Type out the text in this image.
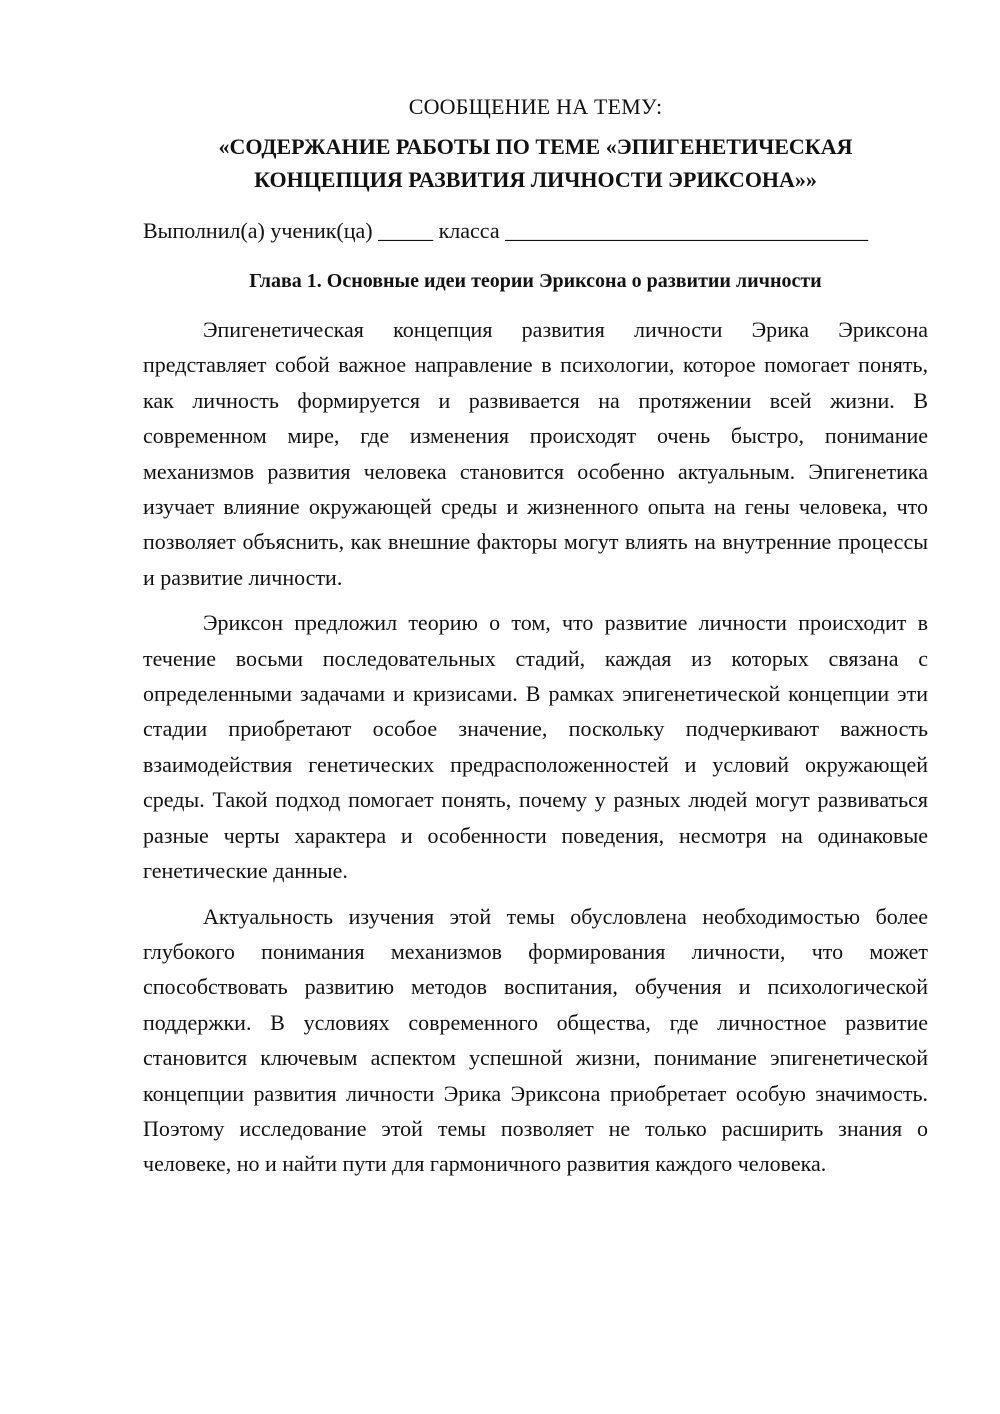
СООБЩЕНИЕ НА ТЕМУ:
«СОДЕРЖАНИЕ РАБОТЫ ПО ТЕМЕ «ЭПИГЕНЕТИЧЕСКАЯ
КОНЦЕПЦИЯ РАЗВИТИЯ ЛИЧНОСТИ ЭРИКСОНА»»
Выполнил(а) ученик(ца) _____ класса _________________________________
Глава 1. Основные идеи теории Эриксона о развитии личности

Эпигенетическая концепция развития личности Эрика Эриксона представляет собой важное направление в психологии, которое помогает понять, как личность формируется и развивается на протяжении всей жизни. В современном мире, где изменения происходят очень быстро, понимание механизмов развития человека становится особенно актуальным. Эпигенетика изучает влияние окружающей среды и жизненного опыта на гены человека, что позволяет объяснить, как внешние факторы могут влиять на внутренние процессы и развитие личности.

Эриксон предложил теорию о том, что развитие личности происходит в течение восьми последовательных стадий, каждая из которых связана с определенными задачами и кризисами. В рамках эпигенетической концепции эти стадии приобретают особое значение, поскольку подчеркивают важность взаимодействия генетических предрасположенностей и условий окружающей среды. Такой подход помогает понять, почему у разных людей могут развиваться разные черты характера и особенности поведения, несмотря на одинаковые генетические данные.

Актуальность изучения этой темы обусловлена необходимостью более глубокого понимания механизмов формирования личности, что может способствовать развитию методов воспитания, обучения и психологической поддержки. В условиях современного общества, где личностное развитие становится ключевым аспектом успешной жизни, понимание эпигенетической концепции развития личности Эрика Эриксона приобретает особую значимость. Поэтому исследование этой темы позволяет не только расширить знания о человеке, но и найти пути для гармоничного развития каждого человека.
